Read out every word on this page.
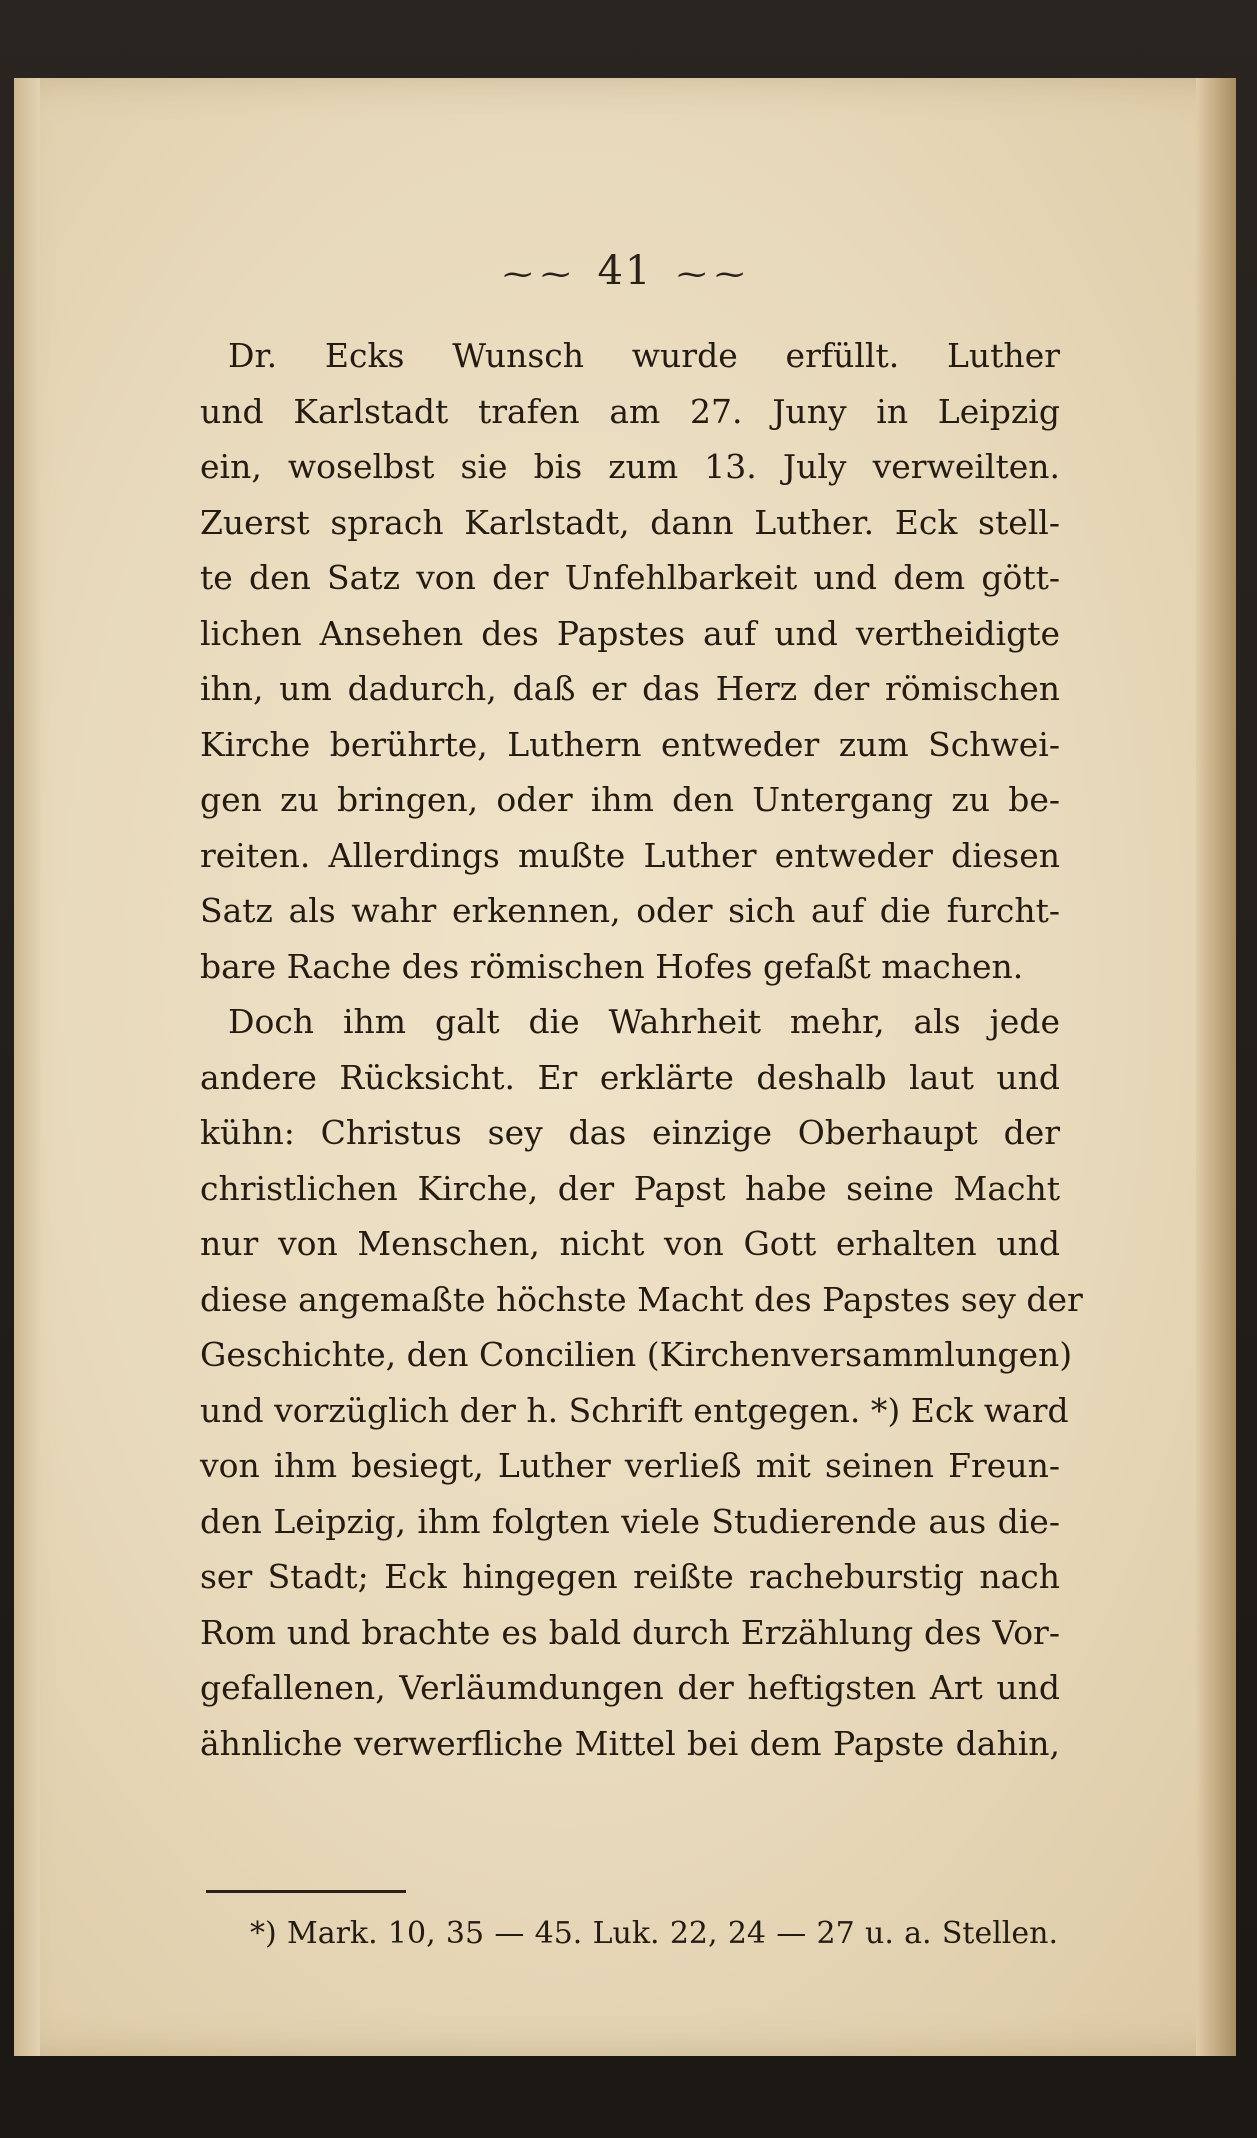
~~ 41 ~~
Dr. Ecks Wunsch wurde erfüllt. Luther
und Karlstadt trafen am 27. Juny in Leipzig
ein, woselbst sie bis zum 13. July verweilten.
Zuerst sprach Karlstadt, dann Luther. Eck stell-
te den Satz von der Unfehlbarkeit und dem gött-
lichen Ansehen des Papstes auf und vertheidigte
ihn, um dadurch, daß er das Herz der römischen
Kirche berührte, Luthern entweder zum Schwei-
gen zu bringen, oder ihm den Untergang zu be-
reiten. Allerdings mußte Luther entweder diesen
Satz als wahr erkennen, oder sich auf die furcht-
bare Rache des römischen Hofes gefaßt machen.
Doch ihm galt die Wahrheit mehr, als jede
andere Rücksicht. Er erklärte deshalb laut und
kühn: Christus sey das einzige Oberhaupt der
christlichen Kirche, der Papst habe seine Macht
nur von Menschen, nicht von Gott erhalten und
diese angemaßte höchste Macht des Papstes sey der
Geschichte, den Concilien (Kirchenversammlungen)
und vorzüglich der h. Schrift entgegen. *) Eck ward
von ihm besiegt, Luther verließ mit seinen Freun-
den Leipzig, ihm folgten viele Studierende aus die-
ser Stadt; Eck hingegen reißte racheburstig nach
Rom und brachte es bald durch Erzählung des Vor-
gefallenen, Verläumdungen der heftigsten Art und
ähnliche verwerfliche Mittel bei dem Papste dahin,
*) Mark. 10, 35 — 45. Luk. 22, 24 — 27 u. a. Stellen.
